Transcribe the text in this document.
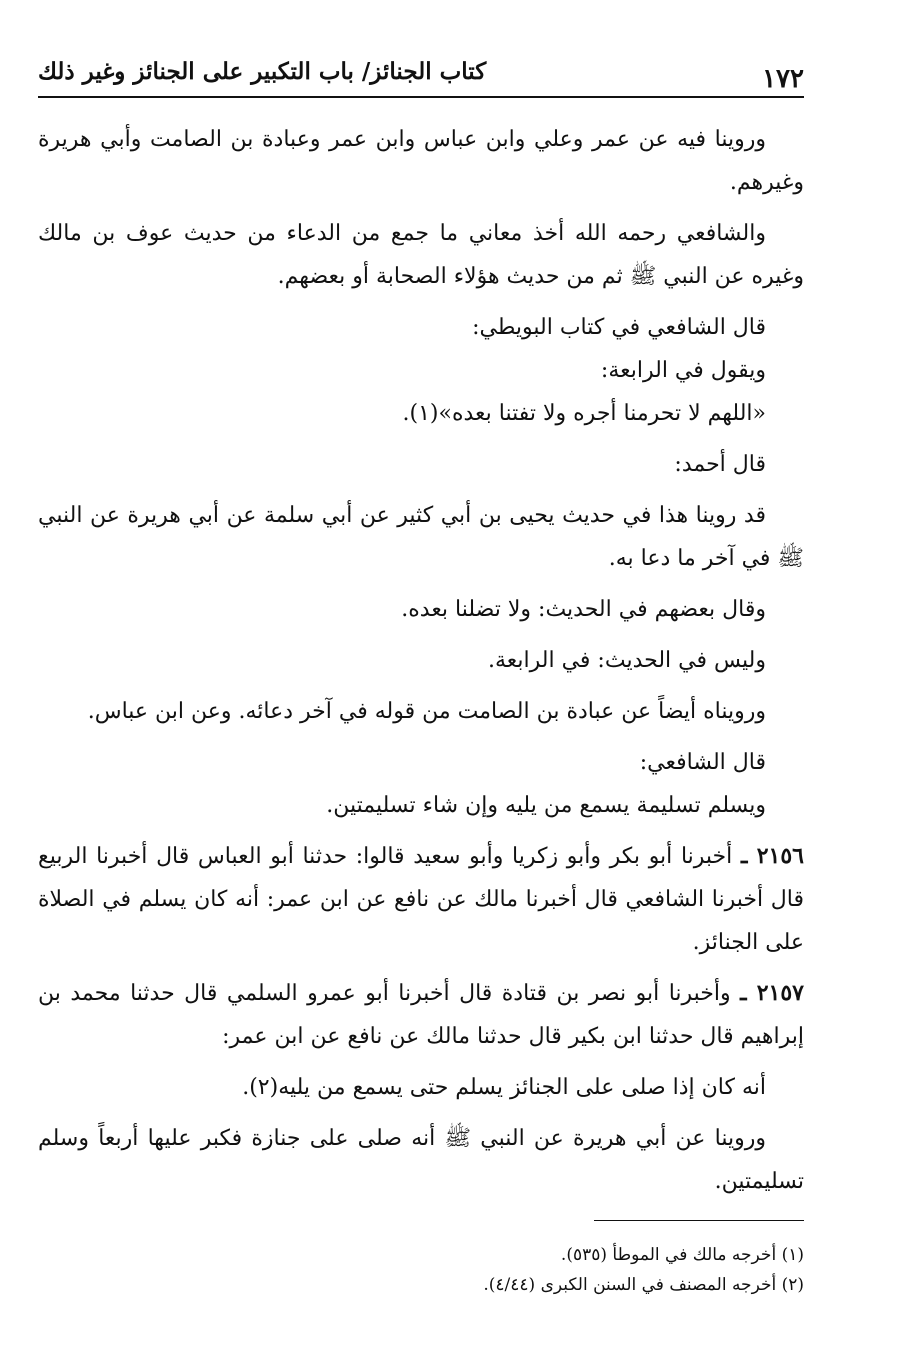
١٧٢
كتاب الجنائز/ باب التكبير على الجنائز وغير ذلك

وروينا فيه عن عمر وعلي وابن عباس وابن عمر وعبادة بن الصامت وأبي هريرة وغيرهم.

والشافعي رحمه الله أخذ معاني ما جمع من الدعاء من حديث عوف بن مالك وغيره عن النبي ﷺ ثم من حديث هؤلاء الصحابة أو بعضهم.

قال الشافعي في كتاب البويطي:

ويقول في الرابعة:

«اللهم لا تحرمنا أجره ولا تفتنا بعده»(١).

قال أحمد:

قد روينا هذا في حديث يحيى بن أبي كثير عن أبي سلمة عن أبي هريرة عن النبي ﷺ في آخر ما دعا به.

وقال بعضهم في الحديث: ولا تضلنا بعده.

وليس في الحديث: في الرابعة.

ورويناه أيضاً عن عبادة بن الصامت من قوله في آخر دعائه. وعن ابن عباس.

قال الشافعي:

ويسلم تسليمة يسمع من يليه وإن شاء تسليمتين.

٢١٥٦ ـ أخبرنا أبو بكر وأبو زكريا وأبو سعيد قالوا: حدثنا أبو العباس قال أخبرنا الربيع قال أخبرنا الشافعي قال أخبرنا مالك عن نافع عن ابن عمر: أنه كان يسلم في الصلاة على الجنائز.

٢١٥٧ ـ وأخبرنا أبو نصر بن قتادة قال أخبرنا أبو عمرو السلمي قال حدثنا محمد بن إبراهيم قال حدثنا ابن بكير قال حدثنا مالك عن نافع عن ابن عمر:

أنه كان إذا صلى على الجنائز يسلم حتى يسمع من يليه(٢).

وروينا عن أبي هريرة عن النبي ﷺ أنه صلى على جنازة فكبر عليها أربعاً وسلم تسليمتين.

(١) أخرجه مالك في الموطأ (٥٣٥).
(٢) أخرجه المصنف في السنن الكبرى (٤/٤٤).
